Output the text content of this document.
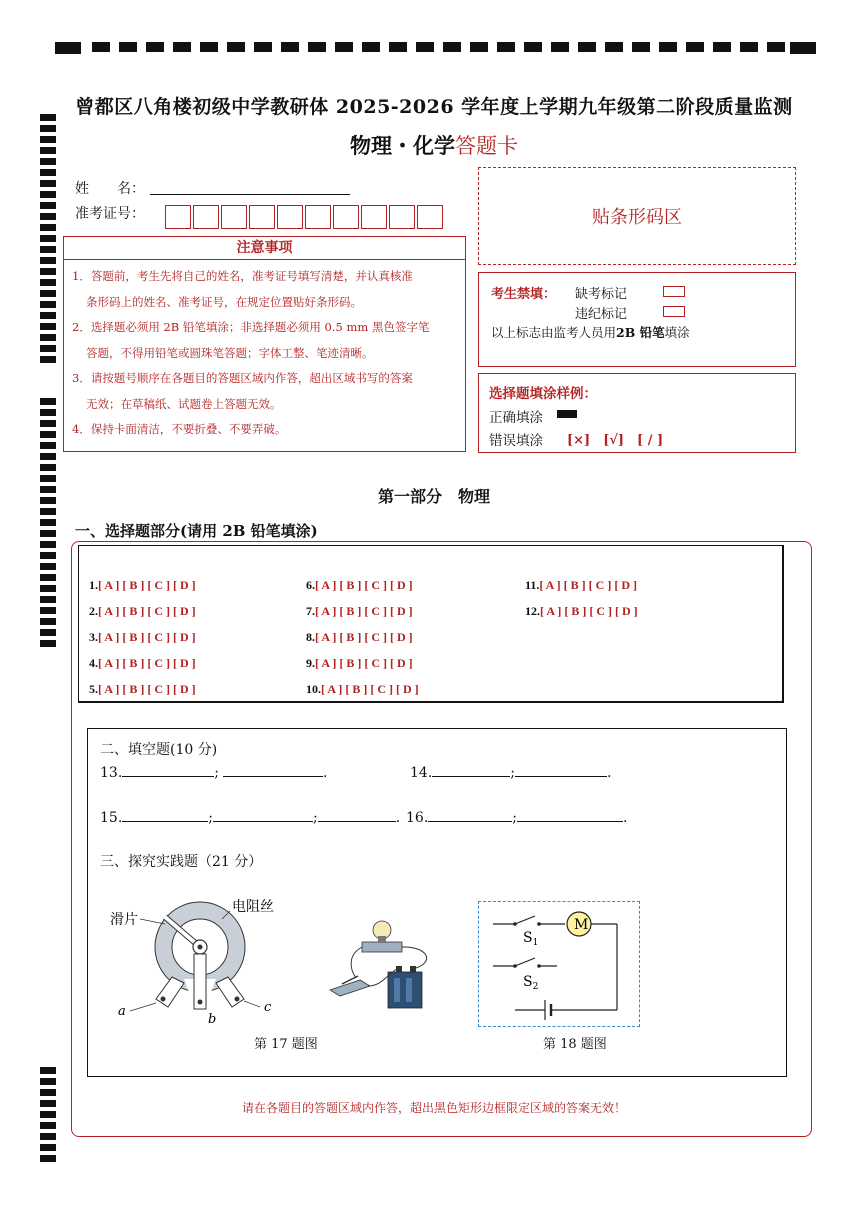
曾都区八角楼初级中学教研体 2025-2026 学年度上学期九年级第二阶段质量监测
物理・化学答题卡
姓　　名：
准考证号：
注意事项
1．答题前，考生先将自己的姓名，准考证号填写清楚，并认真核准
条形码上的姓名、准考证号，在规定位置贴好条形码。
2．选择题必须用 2B 铅笔填涂；非选择题必须用 0.5 mm 黑色签字笔
答题，不得用铅笔或圆珠笔答题；字体工整、笔迹清晰。
3．请按题号顺序在各题目的答题区域内作答，超出区域书写的答案
无效；在草稿纸、试题卷上答题无效。
4．保持卡面清洁，不要折叠、不要弄破。
贴条形码区
考生禁填： 缺考标记
违纪标记
以上标志由监考人员用2B 铅笔填涂
选择题填涂样例：
正确填涂
错误填涂 [×]　[√]　[ / ]
第一部分　物理
一、选择题部分(请用 2B 铅笔填涂)
1.[ A ] [ B ] [ C ] [ D ]
2.[ A ] [ B ] [ C ] [ D ]
3.[ A ] [ B ] [ C ] [ D ]
4.[ A ] [ B ] [ C ] [ D ]
5.[ A ] [ B ] [ C ] [ D ]
6.[ A ] [ B ] [ C ] [ D ]
7.[ A ] [ B ] [ C ] [ D ]
8.[ A ] [ B ] [ C ] [ D ]
9.[ A ] [ B ] [ C ] [ D ]
10.[ A ] [ B ] [ C ] [ D ]
11.[ A ] [ B ] [ C ] [ D ]
12.[ A ] [ B ] [ C ] [ D ]
二、填空题(10 分)
13.	;	.	14.	;	.
15.	;	;	. 16.	;	.
三、探究实践题（21 分）
滑片
电阻丝
a
b
c
第 17 题图
M
$S_1$
$S_2$
第 18 题图
请在各题目的答题区域内作答，超出黑色矩形边框限定区域的答案无效！
